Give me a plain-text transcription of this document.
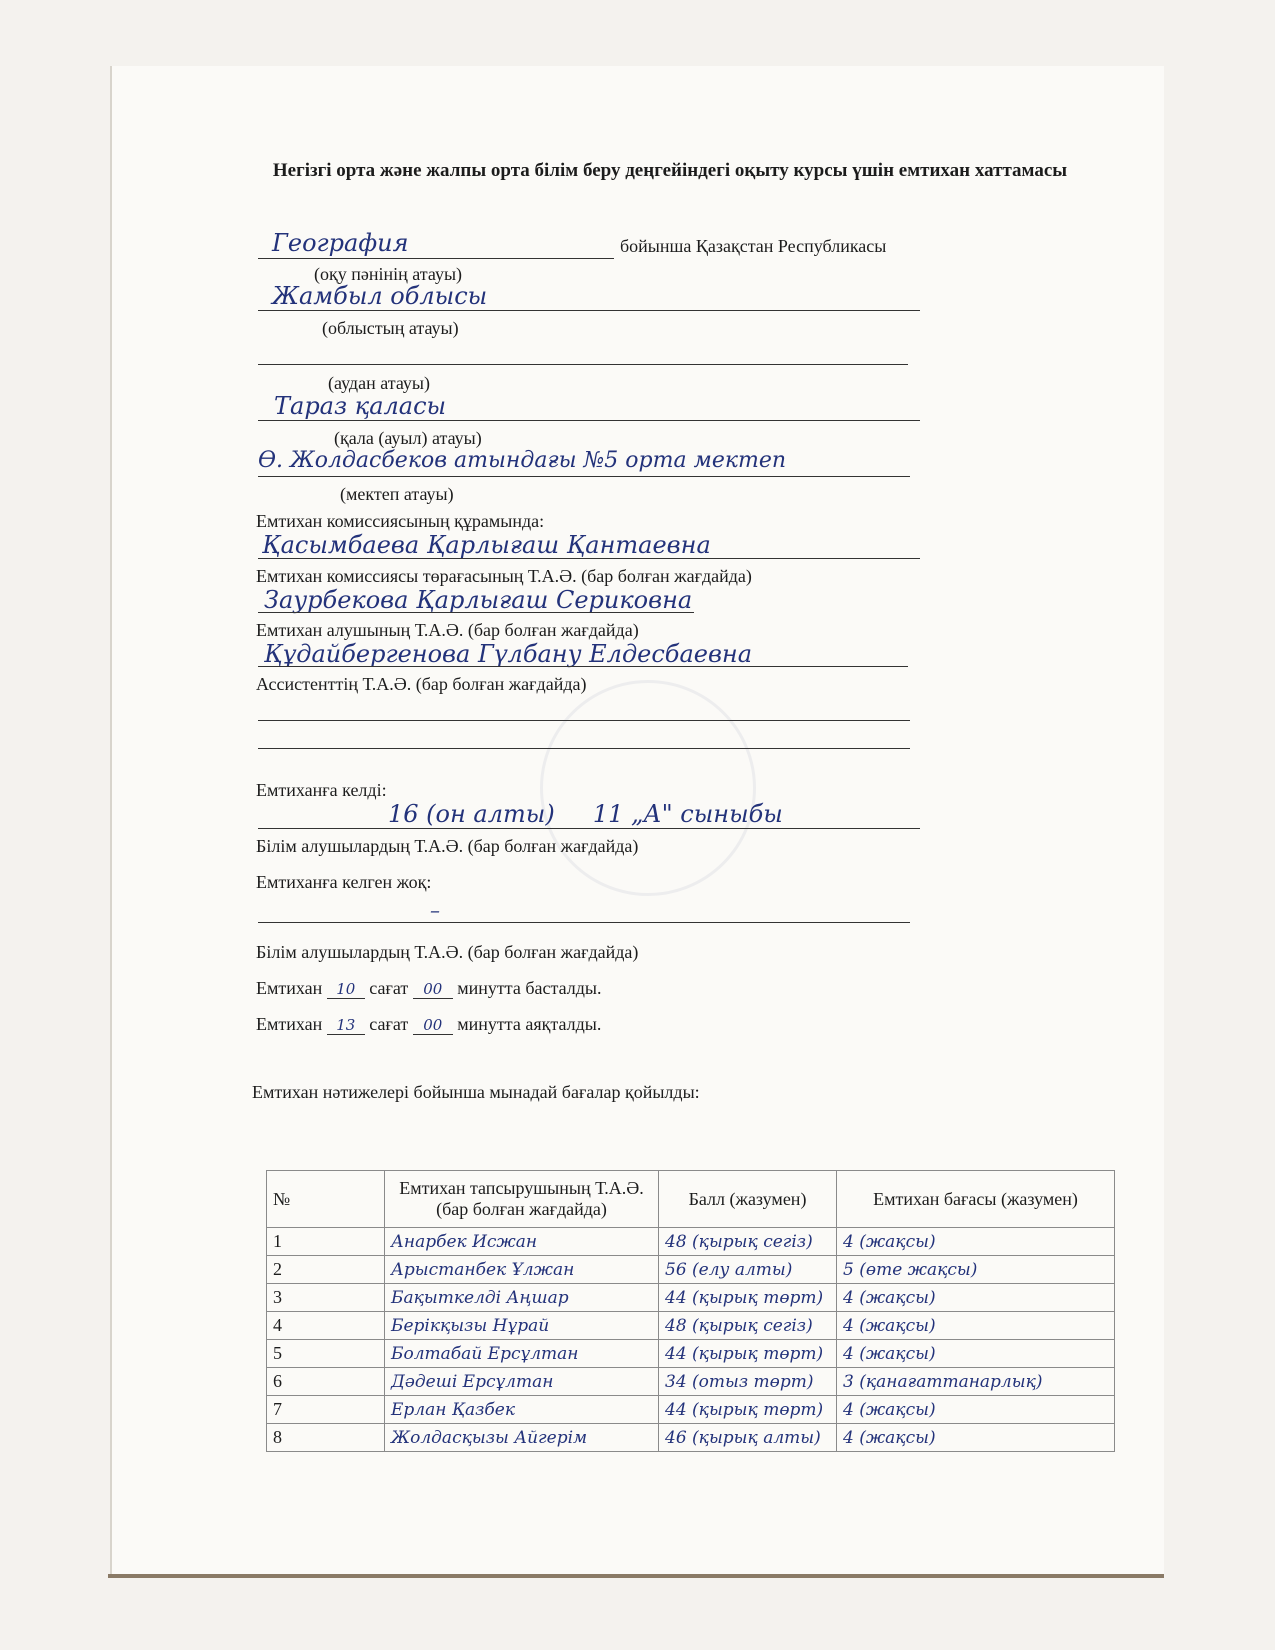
Негізгі орта және жалпы орта білім беру деңгейіндегі оқыту курсы үшін емтихан хаттамасы
География	бойынша Қазақстан Республикасы
(оқу пәнінің атауы)
Жамбыл облысы
(облыстың атауы)
(аудан атауы)
Тараз қаласы
(қала (ауыл) атауы)
Ө. Жолдасбеков атындағы №5 орта мектеп
(мектеп атауы)
Емтихан комиссиясының құрамында:
Қасымбаева Қарлығаш Қантаевна
Емтихан комиссиясы төрағасының Т.А.Ә. (бар болған жағдайда)
Заурбекова Қарлығаш Сериковна
Емтихан алушының Т.А.Ә. (бар болған жағдайда)
Құдайбергенова Гүлбану Елдесбаевна
Ассистенттің Т.А.Ә. (бар болған жағдайда)
Емтиханға келді:
16 (он алты)     11 „А" сыныбы
Білім алушылардың Т.А.Ә. (бар болған жағдайда)
Емтиханға келген жоқ:
–
Білім алушылардың Т.А.Ә. (бар болған жағдайда)
Емтихан 10 сағат 00 минутта басталды.
Емтихан 13 сағат 00 минутта аяқталды.
Емтихан нәтижелері бойынша мынадай бағалар қойылды:
№	Емтихан тапсырушының Т.А.Ә. (бар болған жағдайда)	Балл (жазумен)	Емтихан бағасы (жазумен)
1	Анарбек Исжан	48 (қырық сегіз)	4 (жақсы)
2	Арыстанбек Ұлжан	56 (елу алты)	5 (өте жақсы)
3	Бақыткелді Аңшар	44 (қырық төрт)	4 (жақсы)
4	Берікқызы Нұрай	48 (қырық сегіз)	4 (жақсы)
5	Болтабай Ерсұлтан	44 (қырық төрт)	4 (жақсы)
6	Дәдеші Ерсұлтан	34 (отыз төрт)	3 (қанағаттанарлық)
7	Ерлан Қазбек	44 (қырық төрт)	4 (жақсы)
8	Жолдасқызы Айгерім	46 (қырық алты)	4 (жақсы)
